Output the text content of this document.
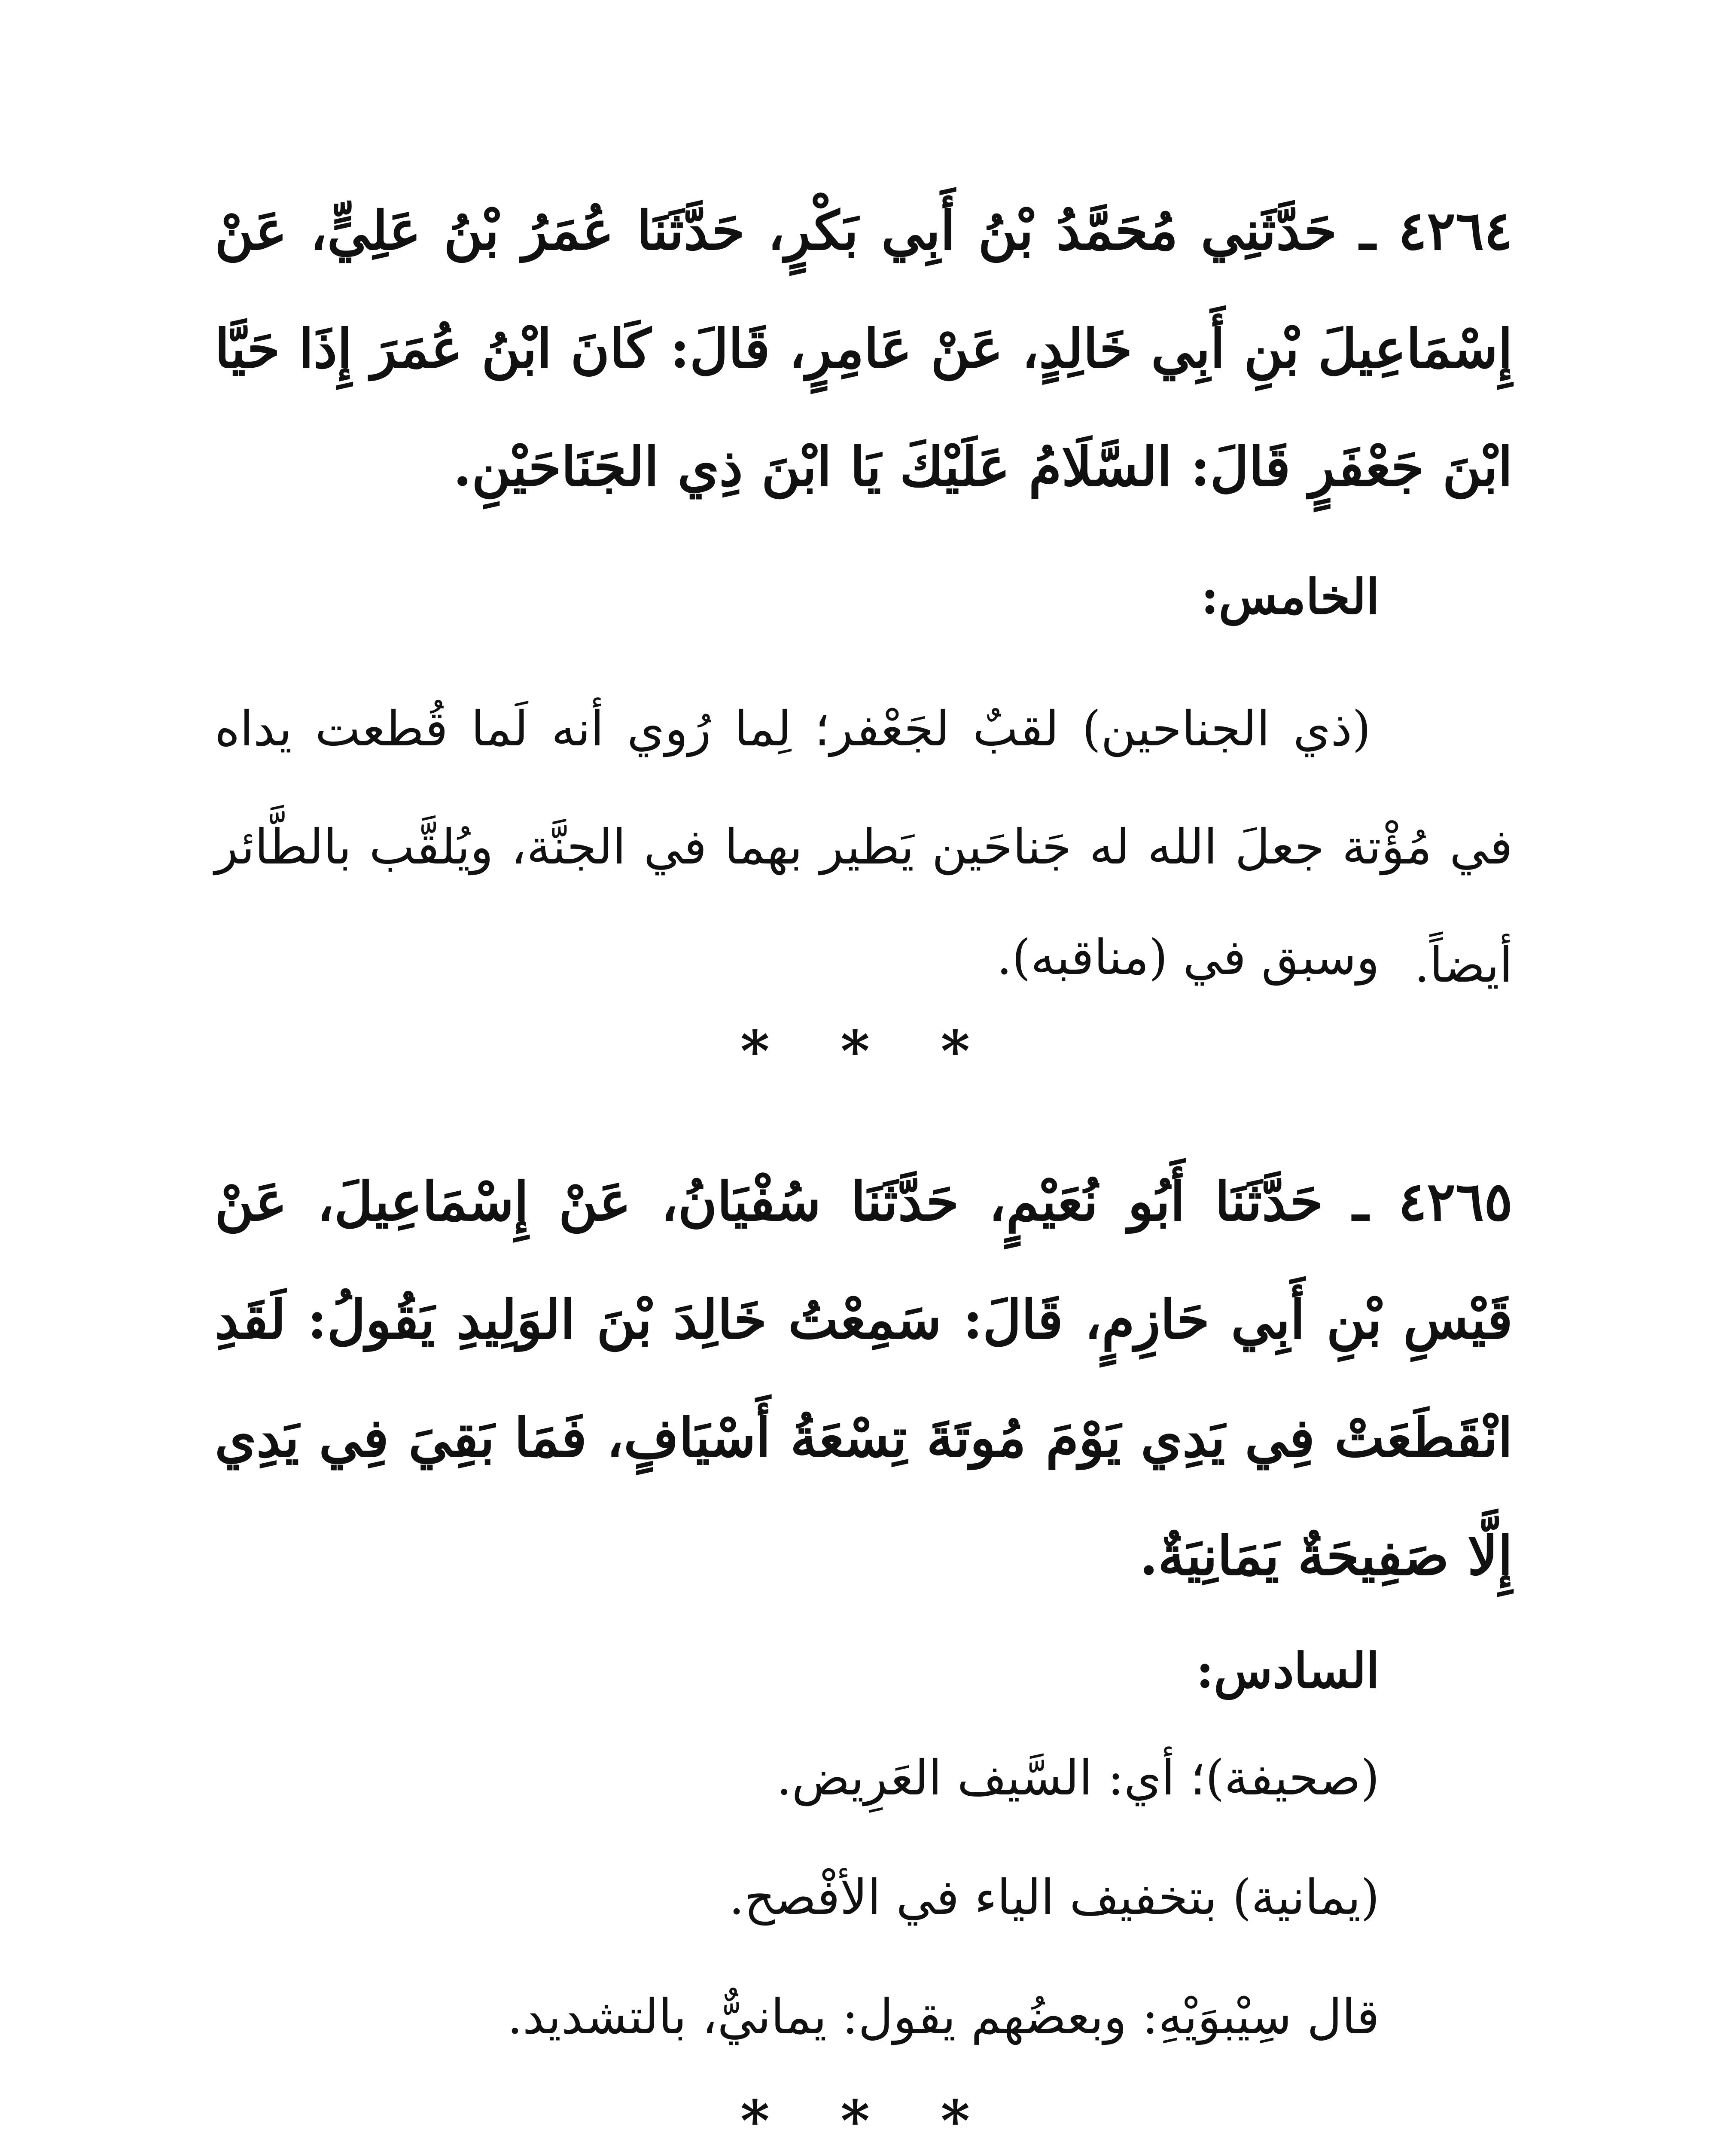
٤٢٦٤ ـ حَدَّثَنِي مُحَمَّدُ بْنُ أَبِي بَكْرٍ، حَدَّثَنَا عُمَرُ بْنُ عَلِيٍّ، عَنْ إِسْمَاعِيلَ بْنِ أَبِي خَالِدٍ، عَنْ عَامِرٍ، قَالَ: كَانَ ابْنُ عُمَرَ إِذَا حَيَّا ابْنَ جَعْفَرٍ قَالَ: السَّلَامُ عَلَيْكَ يَا ابْنَ ذِي الجَنَاحَيْنِ.
الخامس:
(ذي الجناحين) لقبٌ لجَعْفر؛ لِما رُوي أنه لَما قُطعت يداه في مُؤْتة جعلَ الله له جَناحَين يَطير بهما في الجنَّة، ويُلقَّب بالطَّائر أيضاً.
وسبق في (مناقبه).
* * *
٤٢٦٥ ـ حَدَّثَنَا أَبُو نُعَيْمٍ، حَدَّثَنَا سُفْيَانُ، عَنْ إِسْمَاعِيلَ، عَنْ قَيْسِ بْنِ أَبِي حَازِمٍ، قَالَ: سَمِعْتُ خَالِدَ بْنَ الوَلِيدِ يَقُولُ: لَقَدِ انْقَطَعَتْ فِي يَدِي يَوْمَ مُوتَةَ تِسْعَةُ أَسْيَافٍ، فَمَا بَقِيَ فِي يَدِي إِلَّا صَفِيحَةٌ يَمَانِيَةٌ.
السادس:
(صحيفة)؛ أي: السَّيف العَرِيض.
(يمانية) بتخفيف الياء في الأفْصح.
قال سِيْبوَيْهِ: وبعضُهم يقول: يمانيٌّ، بالتشديد.
* * *
